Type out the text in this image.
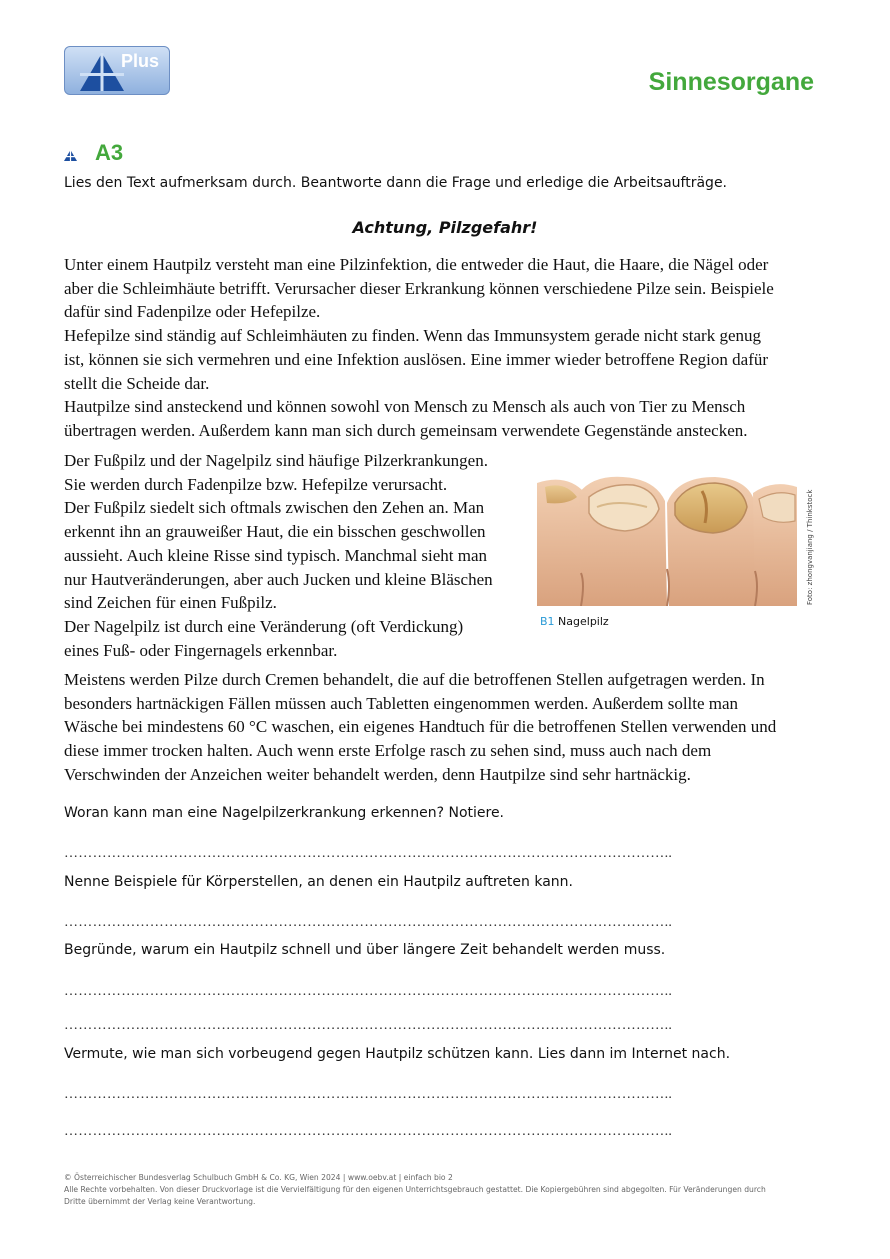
Plus
Sinnesorgane
A3
Lies den Text aufmerksam durch. Beantworte dann die Frage und erledige die Arbeitsaufträge.
Achtung, Pilzgefahr!
Unter einem Hautpilz versteht man eine Pilzinfektion, die entweder die Haut, die Haare, die Nägel oder
aber die Schleimhäute betrifft. Verursacher dieser Erkrankung können verschiedene Pilze sein. Beispiele
dafür sind Fadenpilze oder Hefepilze.
Hefepilze sind ständig auf Schleimhäuten zu finden. Wenn das Immunsystem gerade nicht stark genug
ist, können sie sich vermehren und eine Infektion auslösen. Eine immer wieder betroffene Region dafür
stellt die Scheide dar.
Hautpilze sind ansteckend und können sowohl von Mensch zu Mensch als auch von Tier zu Mensch
übertragen werden. Außerdem kann man sich durch gemeinsam verwendete Gegenstände anstecken.
Der Fußpilz und der Nagelpilz sind häufige Pilzerkrankungen.
Sie werden durch Fadenpilze bzw. Hefepilze verursacht.
Der Fußpilz siedelt sich oftmals zwischen den Zehen an. Man
erkennt ihn an grauweißer Haut, die ein bisschen geschwollen
aussieht. Auch kleine Risse sind typisch. Manchmal sieht man
nur Hautveränderungen, aber auch Jucken und kleine Bläschen
sind Zeichen für einen Fußpilz.
Der Nagelpilz ist durch eine Veränderung (oft Verdickung)
eines Fuß- oder Fingernagels erkennbar.
Foto: zhongvanjiang / Thinkstock
B1 Nagelpilz
Meistens werden Pilze durch Cremen behandelt, die auf die betroffenen Stellen aufgetragen werden. In
besonders hartnäckigen Fällen müssen auch Tabletten eingenommen werden. Außerdem sollte man
Wäsche bei mindestens 60 °C waschen, ein eigenes Handtuch für die betroffenen Stellen verwenden und
diese immer trocken halten. Auch wenn erste Erfolge rasch zu sehen sind, muss auch nach dem
Verschwinden der Anzeichen weiter behandelt werden, denn Hautpilze sind sehr hartnäckig.
Woran kann man eine Nagelpilzerkrankung erkennen? Notiere.
………………………………………………………………………………………………………………..
Nenne Beispiele für Körperstellen, an denen ein Hautpilz auftreten kann.
………………………………………………………………………………………………………………..
Begründe, warum ein Hautpilz schnell und über längere Zeit behandelt werden muss.
………………………………………………………………………………………………………………..
………………………………………………………………………………………………………………..
Vermute, wie man sich vorbeugend gegen Hautpilz schützen kann. Lies dann im Internet nach.
………………………………………………………………………………………………………………..
………………………………………………………………………………………………………………..
© Österreichischer Bundesverlag Schulbuch GmbH & Co. KG, Wien 2024 | www.oebv.at | einfach bio 2
Alle Rechte vorbehalten. Von dieser Druckvorlage ist die Vervielfältigung für den eigenen Unterrichtsgebrauch gestattet. Die Kopiergebühren sind abgegolten. Für Veränderungen durch
Dritte übernimmt der Verlag keine Verantwortung.
